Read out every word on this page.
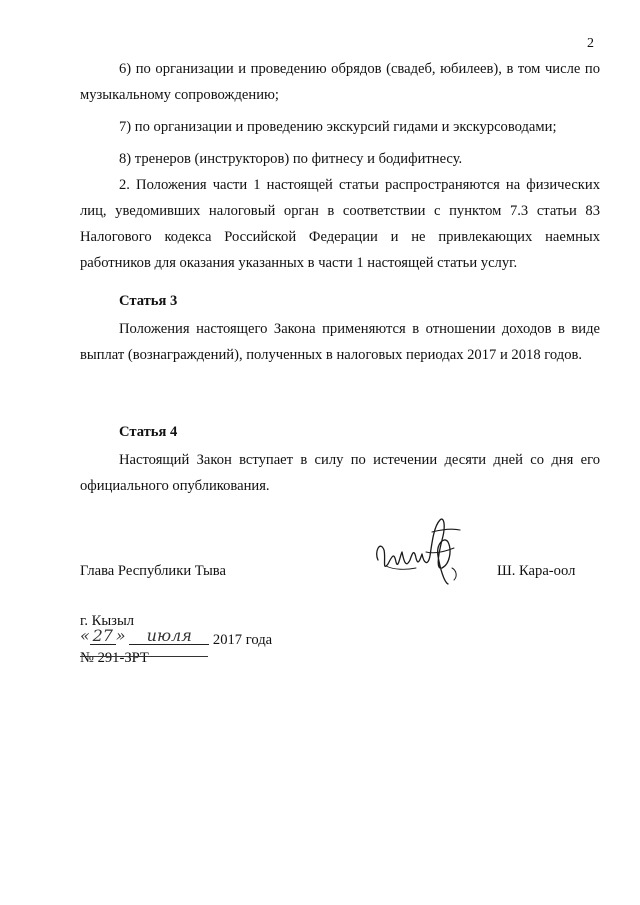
2

6) по организации и проведению обрядов (свадеб, юбилеев), в том числе по музыкальному сопровождению;

7) по организации и проведению экскурсий гидами и экскурсоводами;

8) тренеров (инструкторов) по фитнесу и бодифитнесу.

2. Положения части 1 настоящей статьи распространяются на физических лиц, уведомивших налоговый орган в соответствии с пунктом 7.3 статьи 83 Налогового кодекса Российской Федерации и не привлекающих наемных работников для оказания указанных в части 1 настоящей статьи услуг.

Статья 3

Положения настоящего Закона применяются в отношении доходов в виде выплат (вознаграждений), полученных в налоговых периодах 2017 и 2018 годов.

Статья 4

Настоящий Закон вступает в силу по истечении десяти дней со дня его официального опубликования.

Глава Республики Тыва	Ш. Кара-оол
г. Кызыл
« 27 » июля 2017 года
№ 291-ЗРТ
